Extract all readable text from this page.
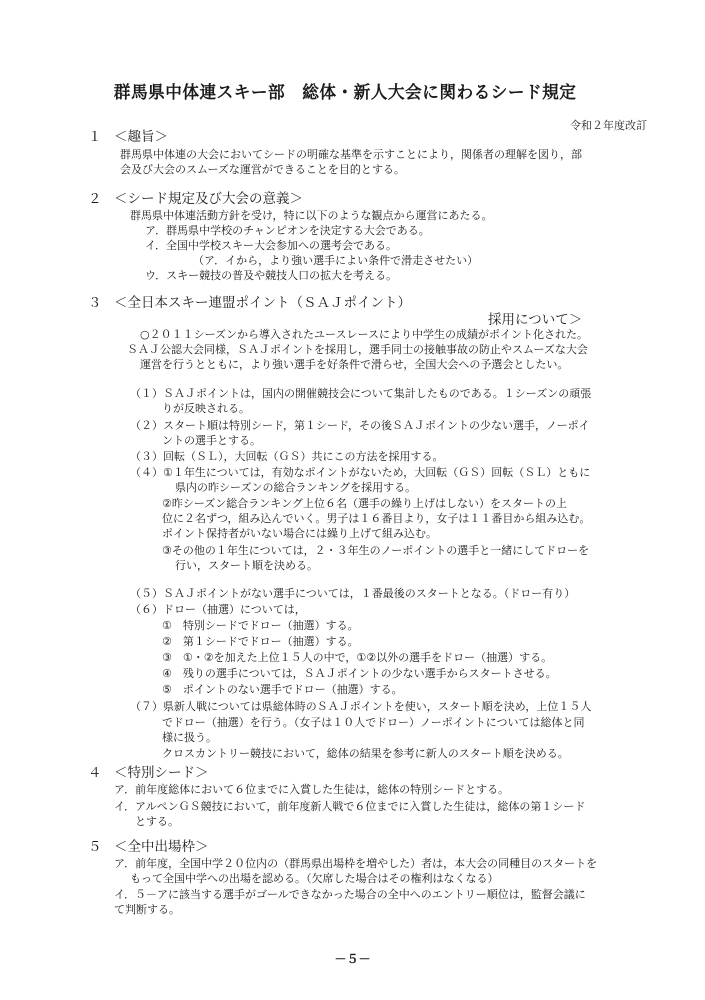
群馬県中体連スキー部　総体・新人大会に関わるシード規定
令和２年度改訂
１ ＜趣旨＞
群馬県中体連の大会においてシードの明確な基準を示すことにより，関係者の理解を図り，部
会及び大会のスムーズな運営ができることを目的とする。
２ ＜シード規定及び大会の意義＞
群馬県中体連活動方針を受け，特に以下のような観点から運営にあたる。
ア．群馬県中学校のチャンピオンを決定する大会である。
イ．全国中学校スキー大会参加への選考会である。
（ア．イから，より強い選手によい条件で滑走させたい）
ウ．スキー競技の普及や競技人口の拡大を考える。
３ ＜全日本スキー連盟ポイント（ＳＡＪポイント）
採用について＞
○２０１１シーズンから導入されたユースレースにより中学生の成績がポイント化された。
ＳＡＪ公認大会同様，ＳＡＪポイントを採用し，選手同士の接触事故の防止やスムーズな大会
運営を行うとともに，より強い選手を好条件で滑らせ，全国大会への予選会としたい。
（１）ＳＡＪポイントは，国内の開催競技会について集計したものである。１シーズンの頑張
りが反映される。
（２）スタート順は特別シード，第１シード，その後ＳＡＪポイントの少ない選手，ノーポイ
ントの選手とする。
（３）回転（ＳＬ），大回転（ＧＳ）共にこの方法を採用する。
（４）①１年生については，有効なポイントがないため，大回転（ＧＳ）回転（ＳＬ）ともに
県内の昨シーズンの総合ランキングを採用する。
②昨シーズン総合ランキング上位６名（選手の繰り上げはしない）をスタートの上
位に２名ずつ，組み込んでいく。男子は１６番目より，女子は１１番目から組み込む。
ポイント保持者がいない場合には繰り上げて組み込む。
③その他の１年生については，２・３年生のノーポイントの選手と一緒にしてドローを
行い，スタート順を決める。
（５）ＳＡＪポイントがない選手については，１番最後のスタートとなる。（ドロー有り）
（６）ドロー（抽選）については，
①　特別シードでドロー（抽選）する。
②　第１シードでドロー（抽選）する。
③　①・②を加えた上位１５人の中で，①②以外の選手をドロー（抽選）する。
④　残りの選手については，ＳＡＪポイントの少ない選手からスタートさせる。
⑤　ポイントのない選手でドロー（抽選）する。
（７）県新人戦については県総体時のＳＡＪポイントを使い，スタート順を決め，上位１５人
でドロー（抽選）を行う。（女子は１０人でドロー）ノーポイントについては総体と同
様に扱う。
クロスカントリー競技において，総体の結果を参考に新人のスタート順を決める。
４ ＜特別シード＞
ア．前年度総体において６位までに入賞した生徒は，総体の特別シードとする。
イ．アルペンＧＳ競技において，前年度新人戦で６位までに入賞した生徒は，総体の第１シード
とする。
５ ＜全中出場枠＞
ア．前年度，全国中学２０位内の（群馬県出場枠を増やした）者は，本大会の同種目のスタートを
もって全国中学への出場を認める。（欠席した場合はその権利はなくなる）
イ．５－アに該当する選手がゴールできなかった場合の全中へのエントリー順位は，監督会議に
て判断する。
－５－
